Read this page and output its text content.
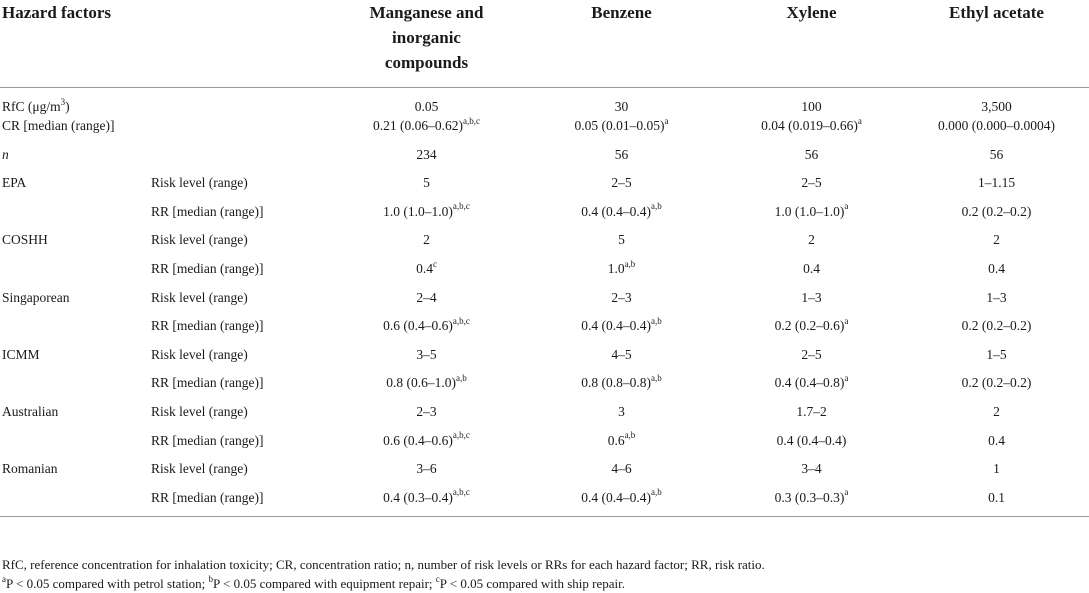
Hazard factors		Manganese and
inorganic
compounds	Benzene	Xylene	Ethyl acetate
RfC $(\mu g/m^3)$		0.05	30	100	3,500
CR [median (range)]		0.21 $(0.06-0.62)^{a,b,c}$	0.05 $(0.01-0.05)^a$	0.04 $(0.019-0.66)^a$	0.000 (0.000–0.0004)
n		234	56	56	56
EPA	Risk level (range)	5	2–5	2–5	1–1.15
	RR [median (range)]	1.0 $(1.0-1.0)^{a,b,c}$	0.4 $(0.4-0.4)^{a,b}$	1.0 $(1.0-1.0)^a$	0.2 (0.2–0.2)
COSHH	Risk level (range)	2	5	2	2
	RR [median (range)]	0.4$^c$	1.0$^{a,b}$	0.4	0.4
Singaporean	Risk level (range)	2–4	2–3	1–3	1–3
	RR [median (range)]	0.6 $(0.4-0.6)^{a,b,c}$	0.4 $(0.4-0.4)^{a,b}$	0.2 $(0.2-0.6)^a$	0.2 (0.2–0.2)
ICMM	Risk level (range)	3–5	4–5	2–5	1–5
	RR [median (range)]	0.8 $(0.6-1.0)^{a,b}$	0.8 $(0.8-0.8)^{a,b}$	0.4 $(0.4-0.8)^a$	0.2 (0.2–0.2)
Australian	Risk level (range)	2–3	3	1.7–2	2
	RR [median (range)]	0.6 $(0.4-0.6)^{a,b,c}$	0.6$^{a,b}$	0.4 (0.4–0.4)	0.4
Romanian	Risk level (range)	3–6	4–6	3–4	1
	RR [median (range)]	0.4 $(0.3-0.4)^{a,b,c}$	0.4 $(0.4-0.4)^{a,b}$	0.3 $(0.3-0.3)^a$	0.1
RfC, reference concentration for inhalation toxicity; CR, concentration ratio; n, number of risk levels or RRs for each hazard factor; RR, risk ratio.
$^a$P < 0.05 compared with petrol station; $^b$P < 0.05 compared with equipment repair; $^c$P < 0.05 compared with ship repair.
